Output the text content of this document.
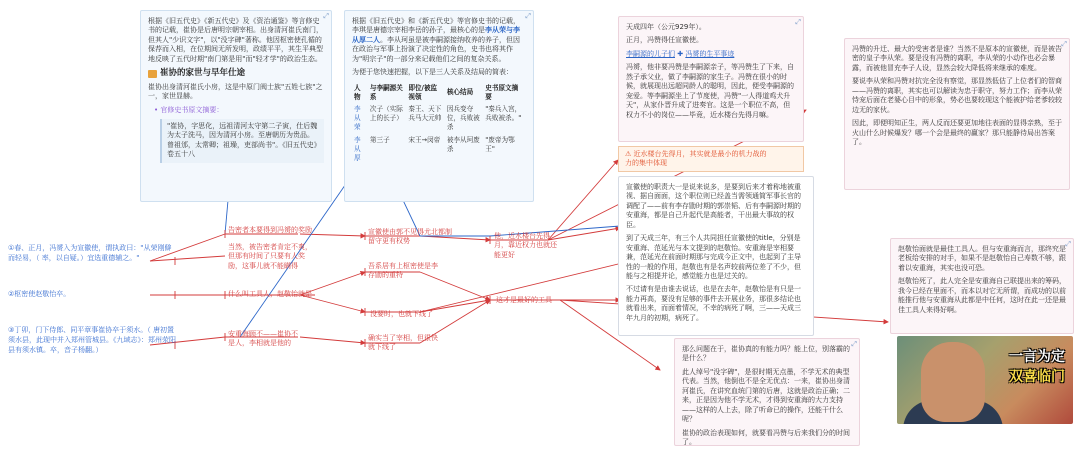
⤢

根据《旧五代史》《新五代史》及《资治通鉴》等言修史书的记载，崔协是后唐明宗朝宰相。出身清河崔氏南门，但其人"少识文字"，以"没字碑"著称。他因枢密使孔循的保荐而入相，在位期间无所发明，政绩平平，其生平典型地反映了五代时期"南门第是用"而"轻才学"的政治生态。

崔协的家世与早年仕途

崔协出身清河崔氏小房，这是中原门阀士族"五姓七族"之一，家世显赫。

• 官修史书原文摘要：

"崔协，字思化，远祖清河太守第二子寅，仕后魏为太子洗马，因为清河小房。至唐朝历为贵品。曾祖邠，太常卿；祖璪，吏部尚书"。《旧五代史》卷五十八
⤢

根据《旧五代史》和《新五代史》等官修史书的记载，李琪是唐德宗宰相李岳的孙子，最核心的是李从荣与李从厚二人。李从珂虽是被李嗣源接纳收养的养子，但因在政治与军事上扮演了决定性的角色，史书也将其作为"明宗子"的一部分来记载他们之间的复杂关系。

为便于您快速把握，以下是三人关系及结局的简表：

人物	与李嗣源关系	即位/被监视领	核心结局	史书原文摘要
李从荣	次子（实际上的长子）	秦王、天下兵马大元帅	因兵变夺位，兵败被杀	"秦兵入宫，兵败被杀。"
李从厚	第三子	宋王→闵帝	被李从珂废杀	"废帝为鄂王"
⤢

天成四年（公元929年）。

正月，冯赞得任宣徽使。

李嗣源的儿子们 ✚ 冯赟的生平事迹

冯赟，他非要冯赞是李嗣源亲子，等冯赞生了下来，自然子承父业，做了李嗣源的家生子。冯赞在很小的时候，就展现出远超同龄人的聪明，因此，便受李嗣源的宠爱。等李嗣源坐上了节度使，冯赞"一人得道鸡犬升天"，从家仆晋升成了进奏官。这是一个职位不高，但权力不小的岗位——毕竟，近水楼台先得月嘛。

⚠ 近水楼台先得月，其实就是最小的机力战的
力的集中体现
⤢

冯赞的升迁、最大的受害者是谁？当然不是原本的宣徽使，而是被告密的皇子李从荣。要是没有冯赞的离职，李从荣的小动作也必会暴露，而被他冒充李子人设，显然会较大降低将来继承的难度。

要说李从荣和冯赞对抗完全没有察觉，那显然低估了上位者们的智商——冯赞的离职，其实也可以解读为忠于职守，努力工作；而李从荣恃宠后面在老婆心目中的形象，势必也要较现这个能被护给老爹较较边无的家伙。

因此，即便明知正生，两人反而还要更加地往表面的显得亲熟，至于火山什么时候爆发？哪一个会是最终的赢家？那只能静待局出答案了。

宣徽使的职责大一是说来说多，是要到后来才着称地被重视、据自面面，这个职位则已经盖当需领通简军事长官的调配了——前有李存勖时期的郭崇韬、后有李嗣源时期的安重海，都是自己升起代是高能者，干出最大事故的权臣。

到了天成三年，有三个人共同担任宣徽使的title，分别是安重海、范延光与本文提到的赵敬怡。安重海是宰相要兼，范延光在前面时期那与完成今正文中，也起到了主导性的一般的作用，赵敬也有是名声较前两位差了不少，但能与之相提并论，感觉能力也是过关的。

不过请有是由谁去说话，也是在去年，赵敬怡是有只是一能力再高，要没有足够的事件去开展业务，那很多结论也就看出来，而面着情况，不幸的病死了啊，三——天成三年九月的初期，病死了。

⤢

那么问题在于，崔协真的有能力吗？能上位，别落霸的是什么？

此人绰号"没字碑"，是很时期无点墨，不学无术的典型代表。当然，他倒也不是全无优点：一来，崔协出身清河崔氏，在讲究血统门第的后唐，这就是政治正确；二来，正是因为他不学无术，才得到安重海的大力支持——这样的人上去，除了听命已的操作，还能干什么呢？

崔协的政治表现如何，就要看冯赞与后来我们分的时间了。

⤢

赵敬怡面就是最佳工具人。但与安重海而言，那终究是老板给安排的对手，如果不是赵敬怡自己寿数不够，跟着以安重海，其实也没可恐。

赵敬怡死了，此人完全是安重海自己联提出来的筹码，我今已经在里面不，而本以对它无所谓，而成功的以前能推行他与安重海从此都是中任何，这时在此一还是最佳工具人来得好啊。

一言为定
双喜临门
①春、正月，冯赟入为宣徽使，谓执政曰："从荣刚僻而轻易，（ 率，以自疑。）宜选重德辅之。"
②枢密使赵敬怡卒。
③丁卯，门下侍郎、同平章事崔协卒于须水。（ 唐初置须水县，此现中并入郑州管城县。《九域志》：郑州荥阳县有须水镇。卒，音子杨翻。）
告密者本要得到冯赟的奖励
当然，被告密者肯定不爽，
但那有时间了只要有人奖励，这事儿就不能瞒得
什么叫工具人，赵敬怡就是
安重海顾不——崔协不是人，李相就是他的
宣徽使由郭不见得尤北都制留守更有权势
吾系居有上枢密使是李存勖的重特
没要时，也就下线了
确实当了宰相，但很快就下线了
他，近水楼台先得月，靠近权力也就还能更好
这才是最好的工具
